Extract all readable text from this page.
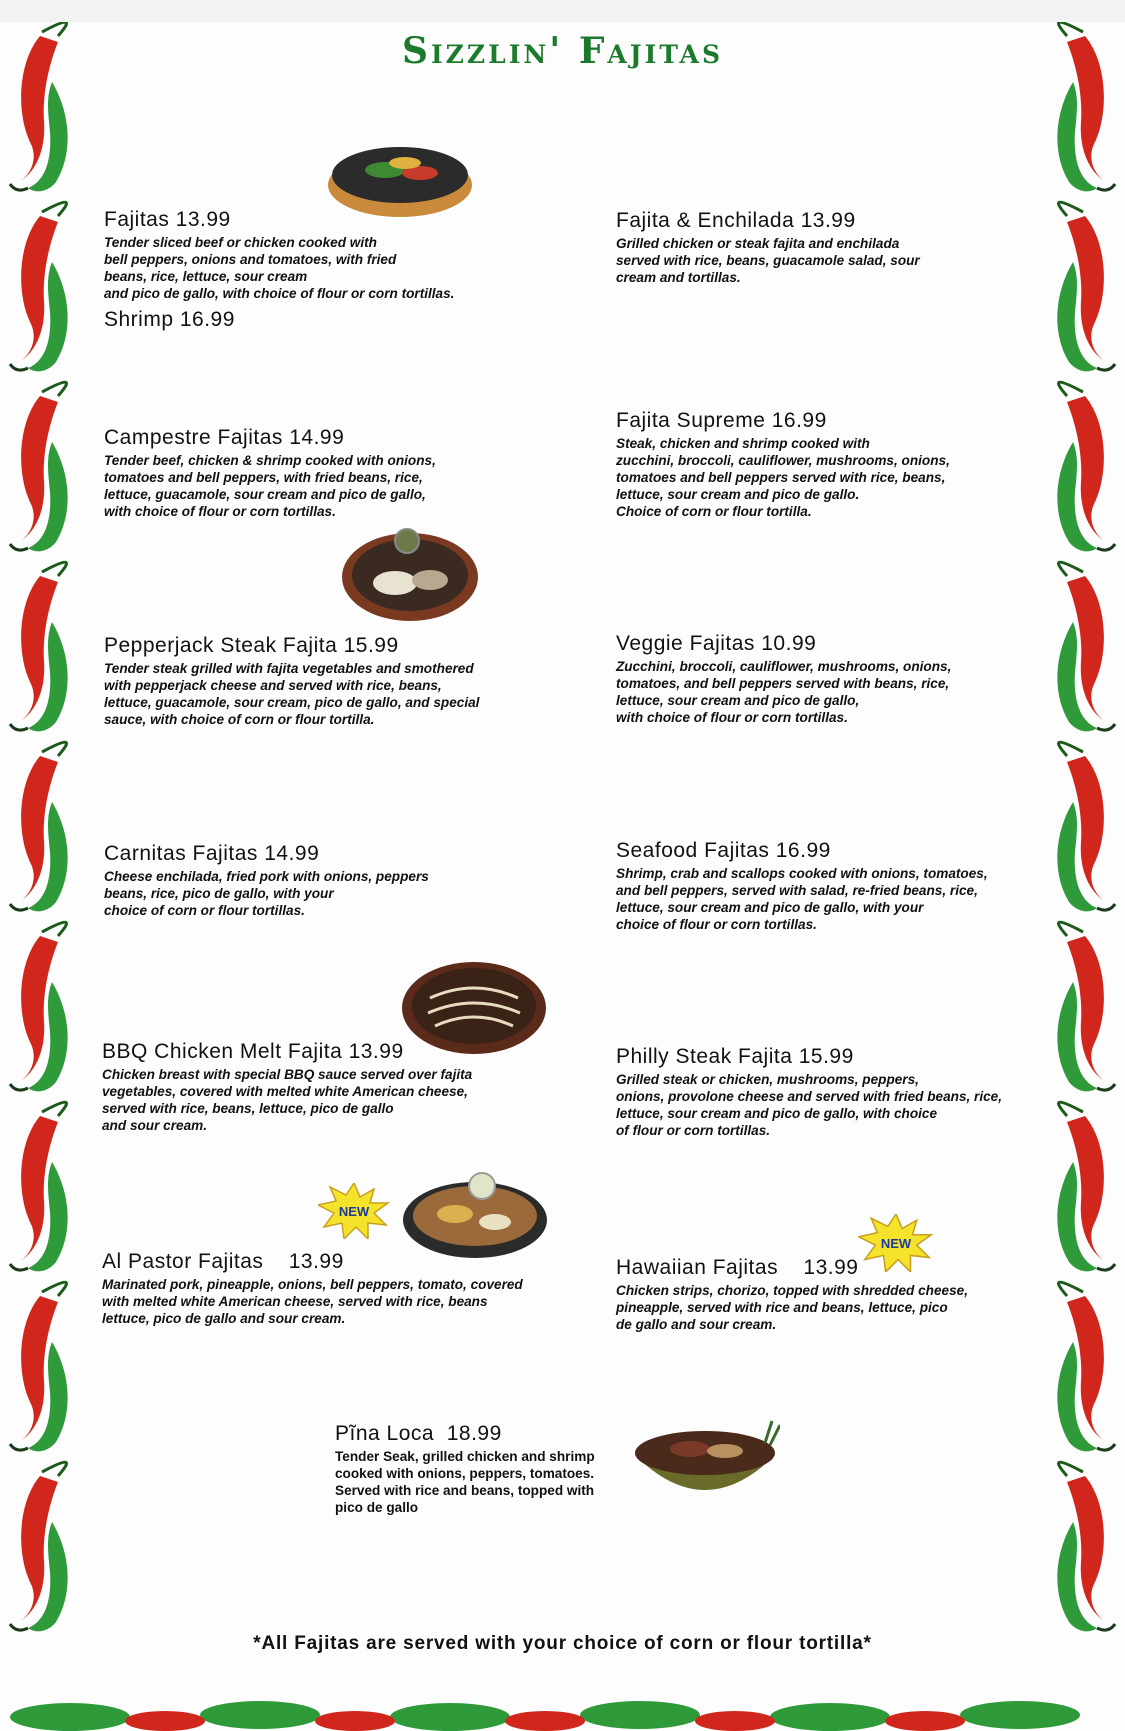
Sizzlin' Fajitas
NEW
NEW
Fajitas 13.99
Tender sliced beef or chicken cooked with
bell peppers, onions and tomatoes, with fried
beans, rice, lettuce, sour cream
and pico de gallo, with choice of flour or corn tortillas.
Shrimp 16.99
Campestre Fajitas 14.99
Tender beef, chicken & shrimp cooked with onions,
tomatoes and bell peppers, with fried beans, rice,
lettuce, guacamole, sour cream and pico de gallo,
with choice of flour or corn tortillas.
Pepperjack Steak Fajita 15.99
Tender steak grilled with fajita vegetables and smothered
with pepperjack cheese and served with rice, beans,
lettuce, guacamole, sour cream, pico de gallo, and special
sauce, with choice of corn or flour tortilla.
Carnitas Fajitas 14.99
Cheese enchilada, fried pork with onions, peppers
beans, rice, pico de gallo, with your
choice of corn or flour tortillas.
BBQ Chicken Melt Fajita 13.99
Chicken breast with special BBQ sauce served over fajita
vegetables, covered with melted white American cheese,
served with rice, beans, lettuce, pico de gallo
and sour cream.
Al Pastor Fajitas    13.99
Marinated pork, pineapple, onions, bell peppers, tomato, covered
with melted white American cheese, served with rice, beans
lettuce, pico de gallo and sour cream.
Fajita & Enchilada 13.99
Grilled chicken or steak fajita and enchilada
served with rice, beans, guacamole salad, sour
cream and tortillas.
Fajita Supreme 16.99
Steak, chicken and shrimp cooked with
zucchini, broccoli, cauliflower, mushrooms, onions,
tomatoes and bell peppers served with rice, beans,
lettuce, sour cream and pico de gallo.
Choice of corn or flour tortilla.
Veggie Fajitas 10.99
Zucchini, broccoli, cauliflower, mushrooms, onions,
tomatoes, and bell peppers served with beans, rice,
lettuce, sour cream and pico de gallo,
with choice of flour or corn tortillas.
Seafood Fajitas 16.99
Shrimp, crab and scallops cooked with onions, tomatoes,
and bell peppers, served with salad, re-fried beans, rice,
lettuce, sour cream and pico de gallo, with your
choice of flour or corn tortillas.
Philly Steak Fajita 15.99
Grilled steak or chicken, mushrooms, peppers,
onions, provolone cheese and served with fried beans, rice,
lettuce, sour cream and pico de gallo, with choice
of flour or corn tortillas.
Hawaiian Fajitas    13.99
Chicken strips, chorizo, topped with shredded cheese,
pineapple, served with rice and beans, lettuce, pico
de gallo and sour cream.
Pĩna Loca  18.99
Tender Seak, grilled chicken and shrimp
cooked with onions, peppers, tomatoes.
Served with rice and beans, topped with
pico de gallo
*All Fajitas are served with your choice of corn or flour tortilla*
